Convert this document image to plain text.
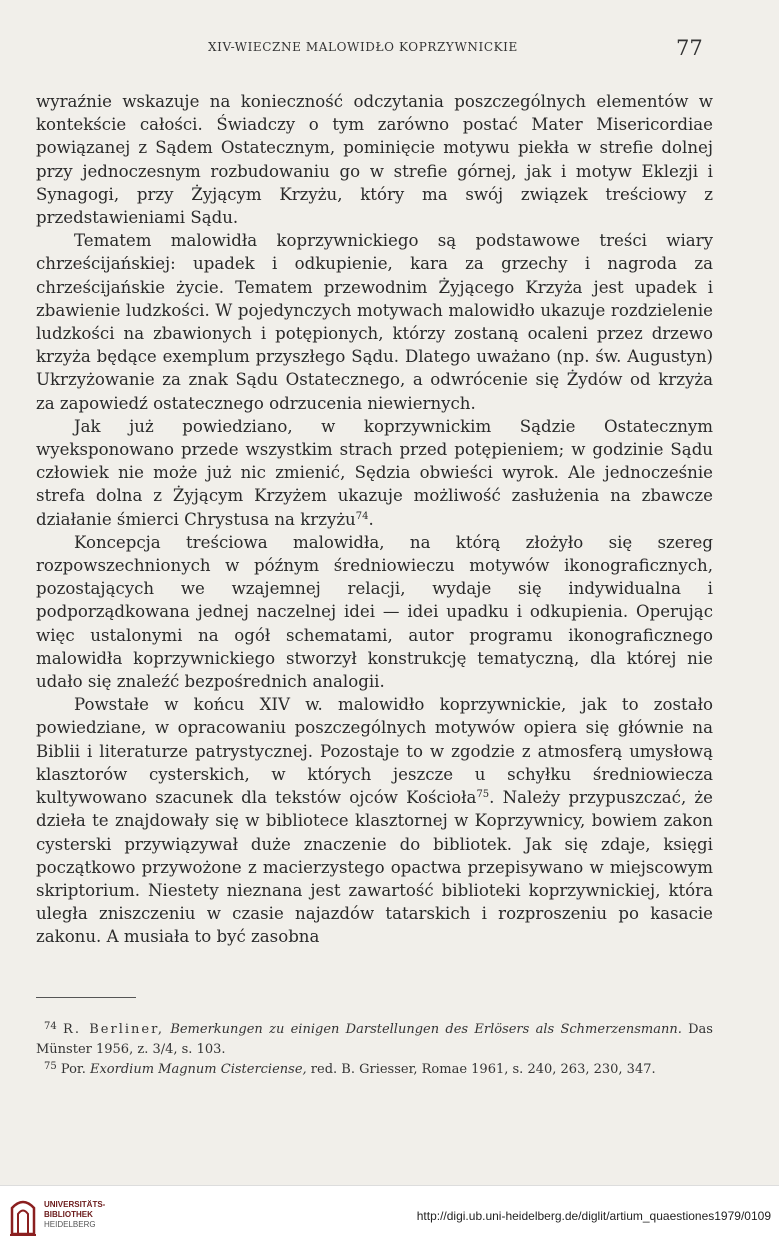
XIV-WIECZNE MALOWIDŁO KOPRZYWNICKIE	77

wyraźnie wskazuje na konieczność odczytania poszczególnych elementów w kontekście całości. Świadczy o tym zarówno postać Mater Misericordiae powiązanej z Sądem Ostatecznym, pominięcie motywu piekła w strefie dolnej przy jednoczesnym rozbudowaniu go w strefie górnej, jak i motyw Eklezji i Synagogi, przy Żyjącym Krzyżu, który ma swój związek treściowy z przedstawieniami Sądu.

Tematem malowidła koprzywnickiego są podstawowe treści wiary chrześcijańskiej: upadek i odkupienie, kara za grzechy i nagroda za chrześcijańskie życie. Tematem przewodnim Żyjącego Krzyża jest upadek i zbawienie ludzkości. W pojedynczych motywach malowidło ukazuje rozdzielenie ludzkości na zbawionych i potępionych, którzy zostaną ocaleni przez drzewo krzyża będące exemplum przyszłego Sądu. Dlatego uważano (np. św. Augustyn) Ukrzyżowanie za znak Sądu Ostatecznego, a odwrócenie się Żydów od krzyża za zapowiedź ostatecznego odrzucenia niewiernych.

Jak już powiedziano, w koprzywnickim Sądzie Ostatecznym wyeksponowano przede wszystkim strach przed potępieniem; w godzinie Sądu człowiek nie może już nic zmienić, Sędzia obwieści wyrok. Ale jednocześnie strefa dolna z Żyjącym Krzyżem ukazuje możliwość zasłużenia na zbawcze działanie śmierci Chrystusa na krzyżu$^{74}$.

Koncepcja treściowa malowidła, na którą złożyło się szereg rozpowszechnionych w późnym średniowieczu motywów ikonograficznych, pozostających we wzajemnej relacji, wydaje się indywidualna i podporządkowana jednej naczelnej idei — idei upadku i odkupienia. Operując więc ustalonymi na ogół schematami, autor programu ikonograficznego malowidła koprzywnickiego stworzył konstrukcję tematyczną, dla której nie udało się znaleźć bezpośrednich analogii.

Powstałe w końcu XIV w. malowidło koprzywnickie, jak to zostało powiedziane, w opracowaniu poszczególnych motywów opiera się głównie na Biblii i literaturze patrystycznej. Pozostaje to w zgodzie z atmosferą umysłową klasztorów cysterskich, w których jeszcze u schyłku średniowiecza kultywowano szacunek dla tekstów ojców Kościoła$^{75}$. Należy przypuszczać, że dzieła te znajdowały się w bibliotece klasztornej w Koprzywnicy, bowiem zakon cysterski przywiązywał duże znaczenie do bibliotek. Jak się zdaje, księgi początkowo przywożone z macierzystego opactwa przepisywano w miejscowym skriptorium. Niestety nieznana jest zawartość biblioteki koprzywnickiej, która uległa zniszczeniu w czasie najazdów tatarskich i rozproszeniu po kasacie zakonu. A musiała to być zasobna

$^{74}$ R. Berliner, Bemerkungen zu einigen Darstellungen des Erlösers als Schmerzensmann. Das Münster 1956, z. 3/4, s. 103.

$^{75}$ Por. Exordium Magnum Cisterciense, red. B. Griesser, Romae 1961, s. 240, 263, 230, 347.

UNIVERSITÄTS-
BIBLIOTHEK
HEIDELBERG
http://digi.ub.uni-heidelberg.de/diglit/artium_quaestiones1979/0109
